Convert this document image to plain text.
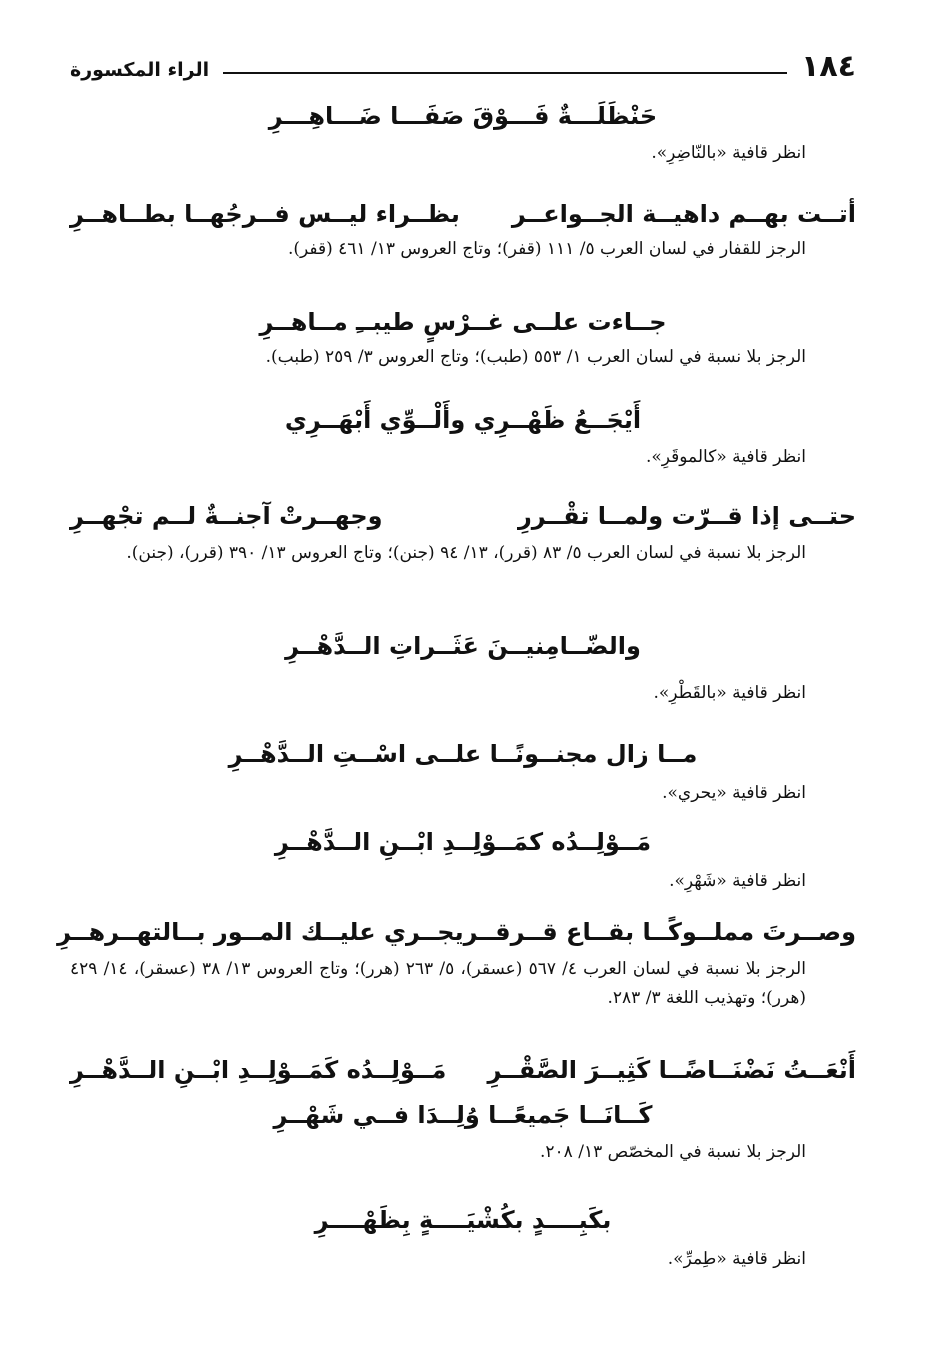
١٨٤
الراء المكسورة
حَنْظَلَـــةٌ فَـــوْقَ صَفَـــا ضَـــاهِـــرِ
انظر قافية «بالنّاضِرِ».
أتــت بهــم داهيــة الجــواعــر
بظــراء ليــس فــرجُهــا بطــاهــرِ
الرجز للقفار في لسان العرب ٥/ ١١١ (قفر)؛ وتاج العروس ١٣/ ٤٦١ (قفر).
جــاءت علــى غــرْسٍ طيبــِ مــاهــرِ
الرجز بلا نسبة في لسان العرب ١/ ٥٥٣ (طبب)؛ وتاج العروس ٣/ ٢٥٩ (طبب).
أَيْجَــعُ ظَهْــرِي وأَلْــوِّي أَبْهَــرِي
انظر قافية «كالموقَرِ».
حتــى إذا قــرّت ولمــا تقْــررِ
وجهــرتْ آجنــةٌ لــم تجْهــرِ
الرجز بلا نسبة في لسان العرب ٥/ ٨٣ (قرر)، ١٣/ ٩٤ (جنن)؛ وتاج العروس ١٣/ ٣٩٠ (قرر)، (جنن).
والضّــامِنيــنَ عَثَــراتِ الــدَّهْــرِ
انظر قافية «بالقَطْرِ».
مــا زال مجنــونًــا علــى اسْــتِ الــدَّهْــرِ
انظر قافية «يحري».
مَــوْلِــدُه كمَــوْلِــدِ ابْــنِ الــدَّهْــرِ
انظر قافية «شَهْرِ».
وصــرتَ مملــوكًــا بقــاع قــرقــر
يجــري عليــك المــور بــالتهــرهــرِ
الرجز بلا نسبة في لسان العرب ٤/ ٥٦٧ (عسقر)، ٥/ ٢٦٣ (هرر)؛ وتاج العروس ١٣/ ٣٨ (عسقر)، ١٤/ ٤٢٩ (هرر)؛ وتهذيب اللغة ٣/ ٢٨٣.
أَنْعَــتُ نَضْنَــاضًــا كَثِيــرَ الصَّقْــرِ
مَــوْلِــدُه كَمَــوْلِــدِ ابْــنِ الــدَّهْــرِ
كَــانَــا جَميعًــا وُلِــدَا فــي شَهْــرِ
الرجز بلا نسبة في المخصّص ١٣/ ٢٠٨.
بكَبِــــدٍ بكُشْيَــــةٍ بِظَهْــــرِ
انظر قافية «طِمرِّ».
